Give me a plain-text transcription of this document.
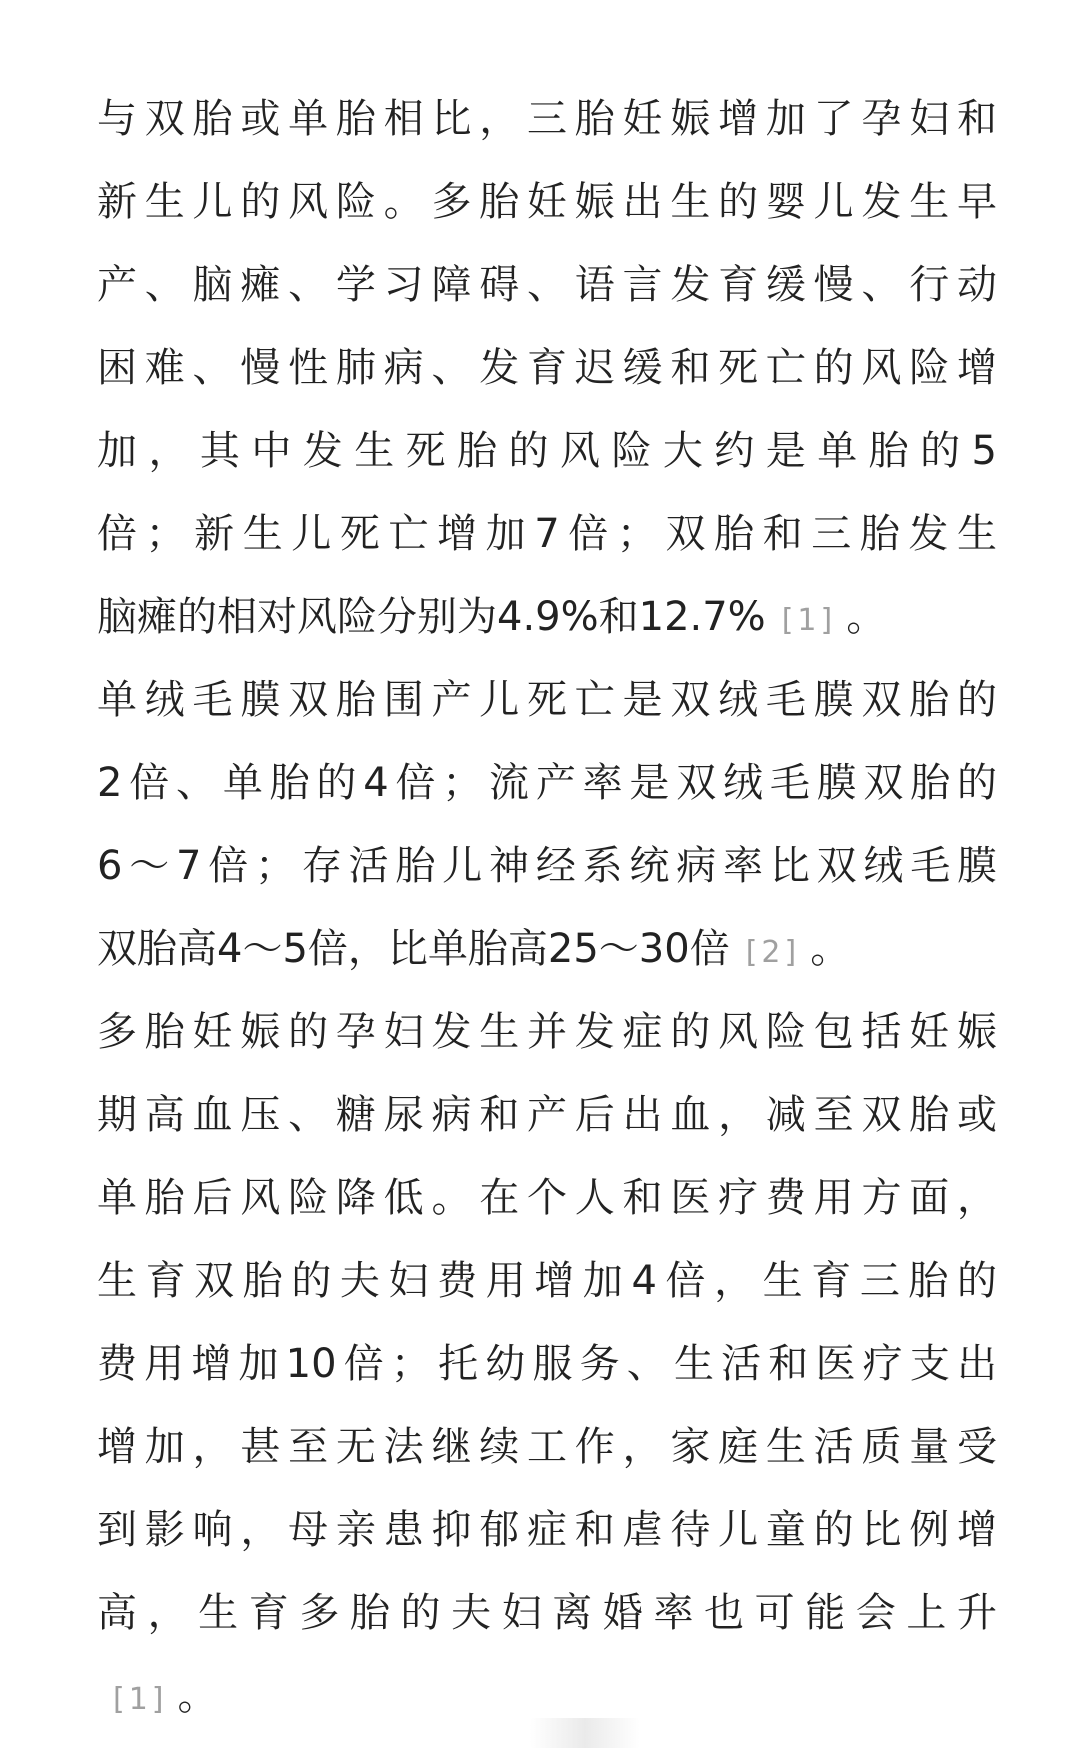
与双胎或单胎相比，三胎妊娠增加了孕妇和
新生儿的风险。多胎妊娠出生的婴儿发生早
产、脑瘫、学习障碍、语言发育缓慢、行动
困难、慢性肺病、发育迟缓和死亡的风险增
加，其中发生死胎的风险大约是单胎的5
倍；新生儿死亡增加7倍；双胎和三胎发生
脑瘫的相对风险分别为4.9%和12.7% [1] 。
单绒毛膜双胎围产儿死亡是双绒毛膜双胎的
2倍、单胎的4倍；流产率是双绒毛膜双胎的
6～7倍；存活胎儿神经系统病率比双绒毛膜
双胎高4～5倍，比单胎高25～30倍 [2] 。
多胎妊娠的孕妇发生并发症的风险包括妊娠
期高血压、糖尿病和产后出血，减至双胎或
单胎后风险降低。在个人和医疗费用方面，
生育双胎的夫妇费用增加4倍，生育三胎的
费用增加10倍；托幼服务、生活和医疗支出
增加，甚至无法继续工作，家庭生活质量受
到影响，母亲患抑郁症和虐待儿童的比例增
高，生育多胎的夫妇离婚率也可能会上升
[1] 。
